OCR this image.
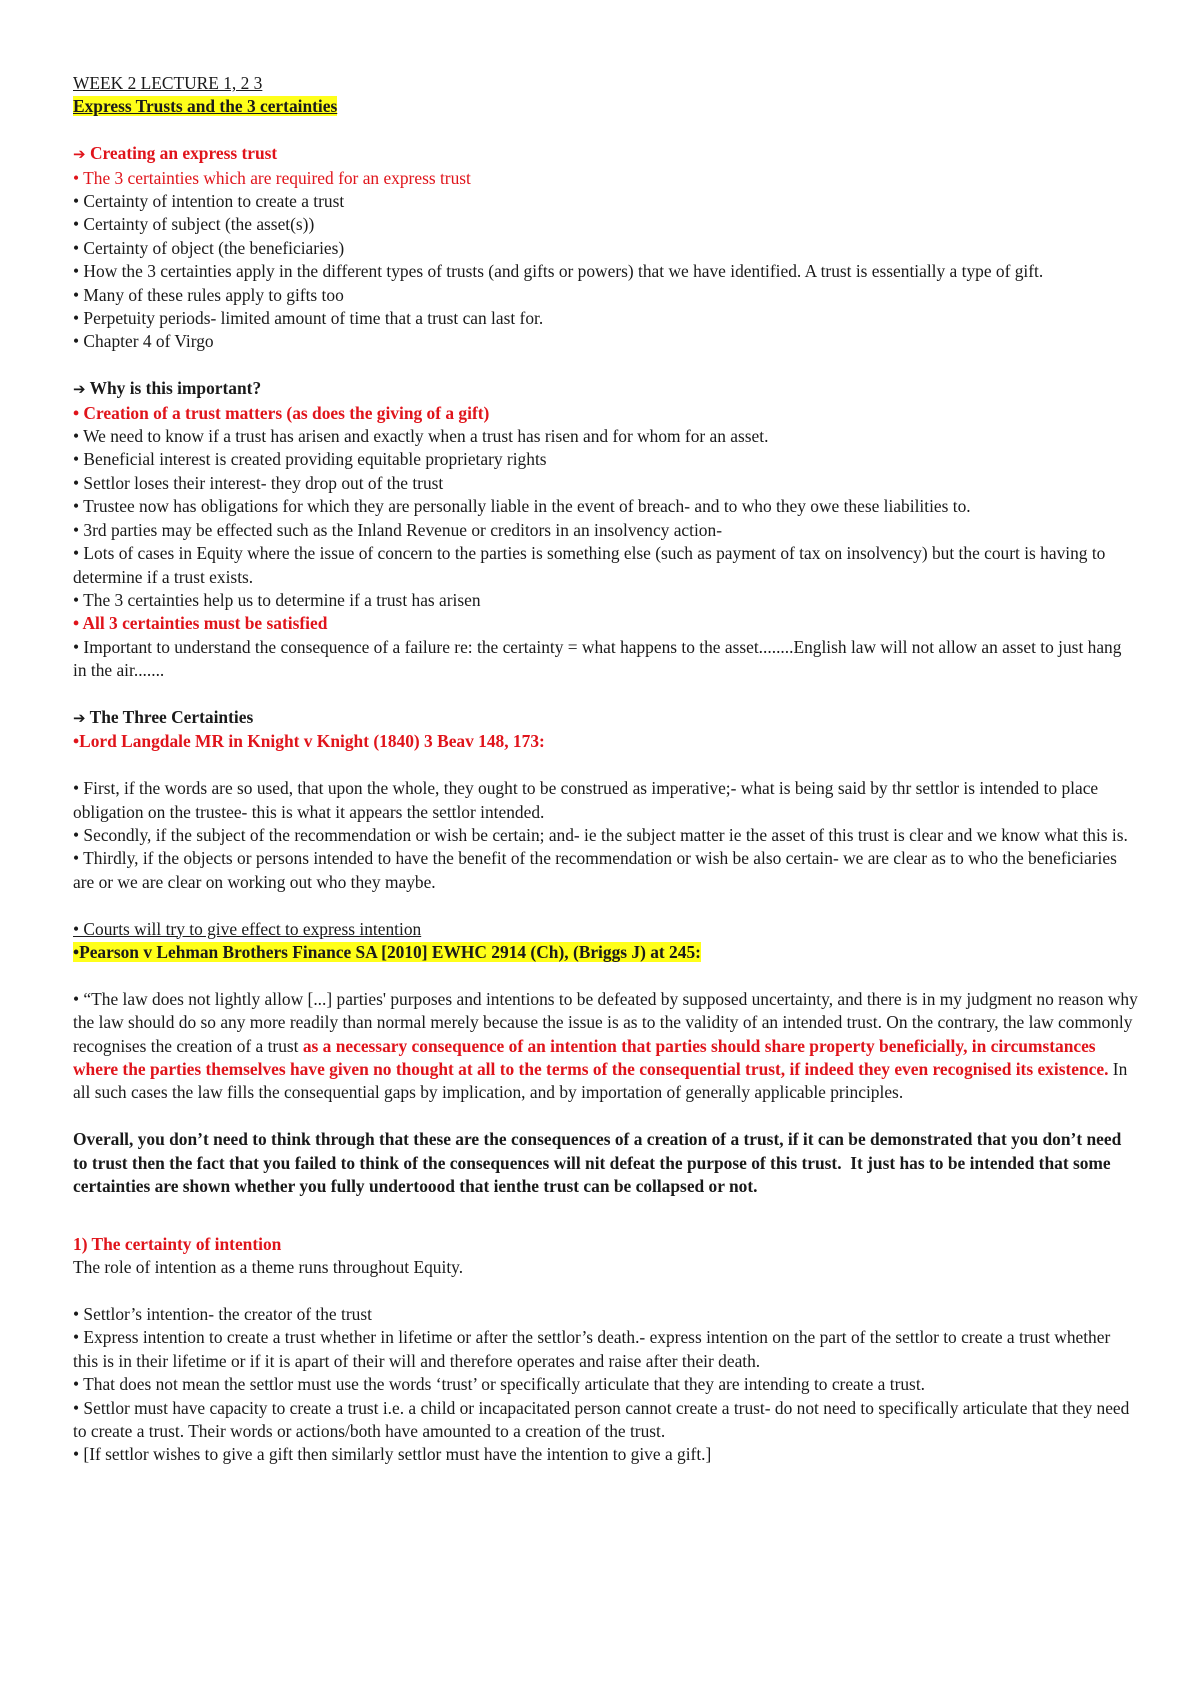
WEEK 2 LECTURE 1, 2 3
Express Trusts and the 3 certainties
➔ Creating an express trust
• The 3 certainties which are required for an express trust
• Certainty of intention to create a trust
• Certainty of subject (the asset(s))
• Certainty of object (the beneficiaries)
• How the 3 certainties apply in the different types of trusts (and gifts or powers) that we have identified. A trust is essentially a type of gift.
• Many of these rules apply to gifts too
• Perpetuity periods- limited amount of time that a trust can last for.
• Chapter 4 of Virgo
➔ Why is this important?
• Creation of a trust matters (as does the giving of a gift)
• We need to know if a trust has arisen and exactly when a trust has risen and for whom for an asset.
• Beneficial interest is created providing equitable proprietary rights
• Settlor loses their interest- they drop out of the trust
• Trustee now has obligations for which they are personally liable in the event of breach- and to who they owe these liabilities to.
• 3rd parties may be effected such as the Inland Revenue or creditors in an insolvency action-
• Lots of cases in Equity where the issue of concern to the parties is something else (such as payment of tax on insolvency) but the court is having to determine if a trust exists.
• The 3 certainties help us to determine if a trust has arisen
• All 3 certainties must be satisfied
• Important to understand the consequence of a failure re: the certainty = what happens to the asset........English law will not allow an asset to just hang in the air.......
➔ The Three Certainties
•Lord Langdale MR in Knight v Knight (1840) 3 Beav 148, 173:
• First, if the words are so used, that upon the whole, they ought to be construed as imperative;- what is being said by thr settlor is intended to place obligation on the trustee- this is what it appears the settlor intended.
• Secondly, if the subject of the recommendation or wish be certain; and- ie the subject matter ie the asset of this trust is clear and we know what this is.
• Thirdly, if the objects or persons intended to have the benefit of the recommendation or wish be also certain- we are clear as to who the beneficiaries are or we are clear on working out who they maybe.
• Courts will try to give effect to express intention
•Pearson v Lehman Brothers Finance SA [2010] EWHC 2914 (Ch), (Briggs J) at 245:
• “The law does not lightly allow [...] parties' purposes and intentions to be defeated by supposed uncertainty, and there is in my judgment no reason why the law should do so any more readily than normal merely because the issue is as to the validity of an intended trust. On the contrary, the law commonly recognises the creation of a trust as a necessary consequence of an intention that parties should share property beneficially, in circumstances where the parties themselves have given no thought at all to the terms of the consequential trust, if indeed they even recognised its existence. In all such cases the law fills the consequential gaps by implication, and by importation of generally applicable principles.
Overall, you don’t need to think through that these are the consequences of a creation of a trust, if it can be demonstrated that you don’t need to trust then the fact that you failed to think of the consequences will nit defeat the purpose of this trust.  It just has to be intended that some certainties are shown whether you fully undertoood that ienthe trust can be collapsed or not.
1) The certainty of intention
The role of intention as a theme runs throughout Equity.
• Settlor’s intention- the creator of the trust
• Express intention to create a trust whether in lifetime or after the settlor’s death.- express intention on the part of the settlor to create a trust whether this is in their lifetime or if it is apart of their will and therefore operates and raise after their death.
• That does not mean the settlor must use the words ‘trust’ or specifically articulate that they are intending to create a trust.
• Settlor must have capacity to create a trust i.e. a child or incapacitated person cannot create a trust- do not need to specifically articulate that they need to create a trust. Their words or actions/both have amounted to a creation of the trust.
• [If settlor wishes to give a gift then similarly settlor must have the intention to give a gift.]
